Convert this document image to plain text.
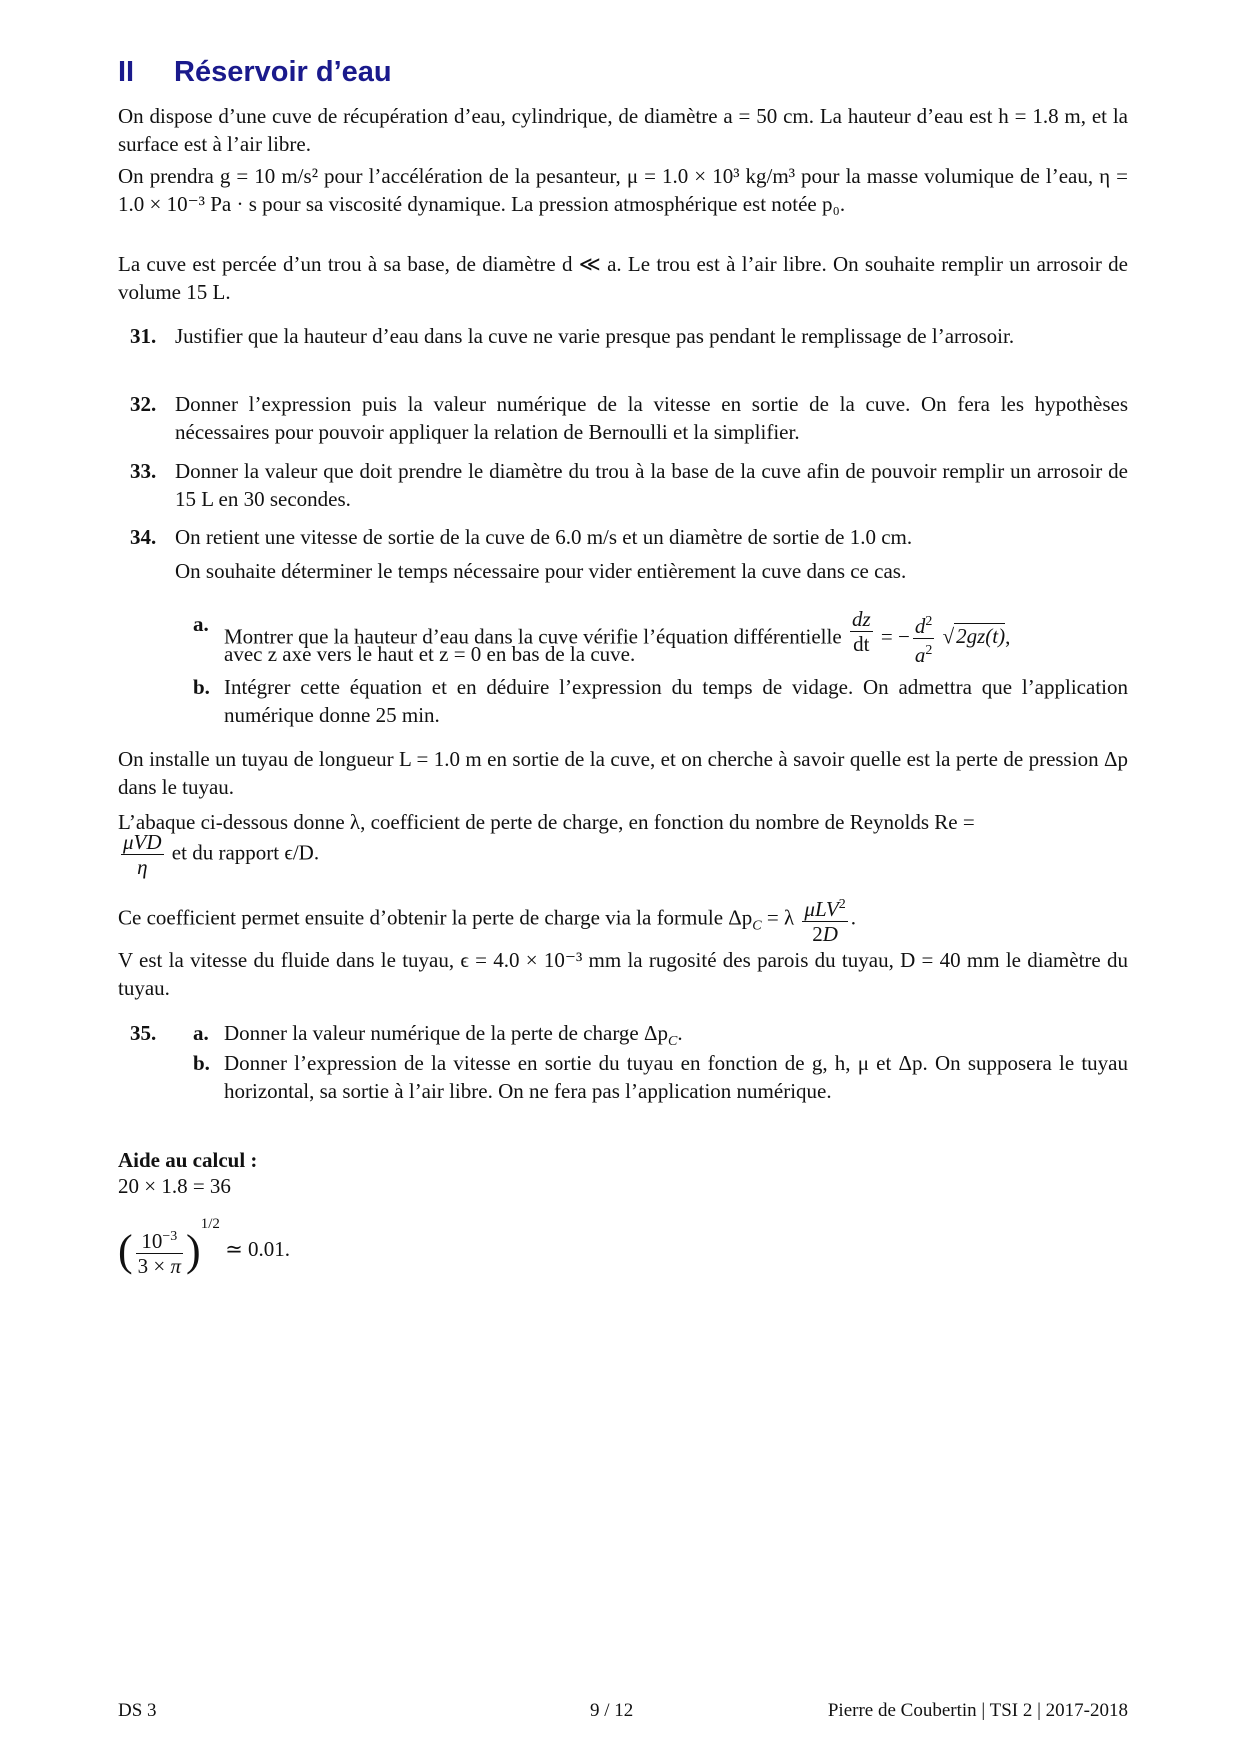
II Réservoir d’eau

On dispose d’une cuve de récupération d’eau, cylindrique, de diamètre a = 50 cm. La hauteur d’eau est h = 1.8 m, et la surface est à l’air libre.

On prendra g = 10 m/s² pour l’accélération de la pesanteur, μ = 1.0 × 10³ kg/m³ pour la masse volumique de l’eau, η = 1.0 × 10⁻³ Pa · s pour sa viscosité dynamique. La pression atmosphérique est notée p₀.

La cuve est percée d’un trou à sa base, de diamètre d ≪ a. Le trou est à l’air libre. On souhaite remplir un arrosoir de volume 15 L.

31. Justifier que la hauteur d’eau dans la cuve ne varie presque pas pendant le remplissage de l’arrosoir.
32. Donner l’expression puis la valeur numérique de la vitesse en sortie de la cuve. On fera les hypothèses nécessaires pour pouvoir appliquer la relation de Bernoulli et la simplifier.
33. Donner la valeur que doit prendre le diamètre du trou à la base de la cuve afin de pouvoir remplir un arrosoir de 15 L en 30 secondes.
34. On retient une vitesse de sortie de la cuve de 6.0 m/s et un diamètre de sortie de 1.0 cm.
On souhaite déterminer le temps nécessaire pour vider entièrement la cuve dans ce cas.
a.
Montrer que la hauteur d’eau dans la cuve vérifie l’équation différentielle $\frac{dz}{dt}$ = − $\frac{d^2}{a^2} √2gz(t)$,
avec z axe vers le haut et z = 0 en bas de la cuve.
b. Intégrer cette équation et en déduire l’expression du temps de vidage. On admettra que l’application numérique donne 25 min.

On installe un tuyau de longueur L = 1.0 m en sortie de la cuve, et on cherche à savoir quelle est la perte de pression Δp dans le tuyau.

L’abaque ci-dessous donne λ, coefficient de perte de charge, en fonction du nombre de Reynolds Re =

$\frac{\text{μVD}}{\eta}$ et du rapport ϵ/D.
Ce coefficient permet ensuite d’obtenir la perte de charge via la formule $\Delta p_C = \lambda \frac{\mu LV^2}{2D}$ .

V est la vitesse du fluide dans le tuyau, ϵ = 4.0 × 10⁻³ mm la rugosité des parois du tuyau, D = 40 mm le diamètre du tuyau.

35. a. Donner la valeur numérique de la perte de charge $\Delta p_C$.
b. Donner l’expression de la vitesse en sortie du tuyau en fonction de g, h, μ et Δp. On supposera le tuyau horizontal, sa sortie à l’air libre. On ne fera pas l’application numérique.
Aide au calcul :
20 × 1.8 = 36
( $\frac{10^{-3}}{3 \times \pi} )^{1/2}$ ≃ 0.01.
DS 3	9 / 12	Pierre de Coubertin | TSI 2 | 2017-2018
